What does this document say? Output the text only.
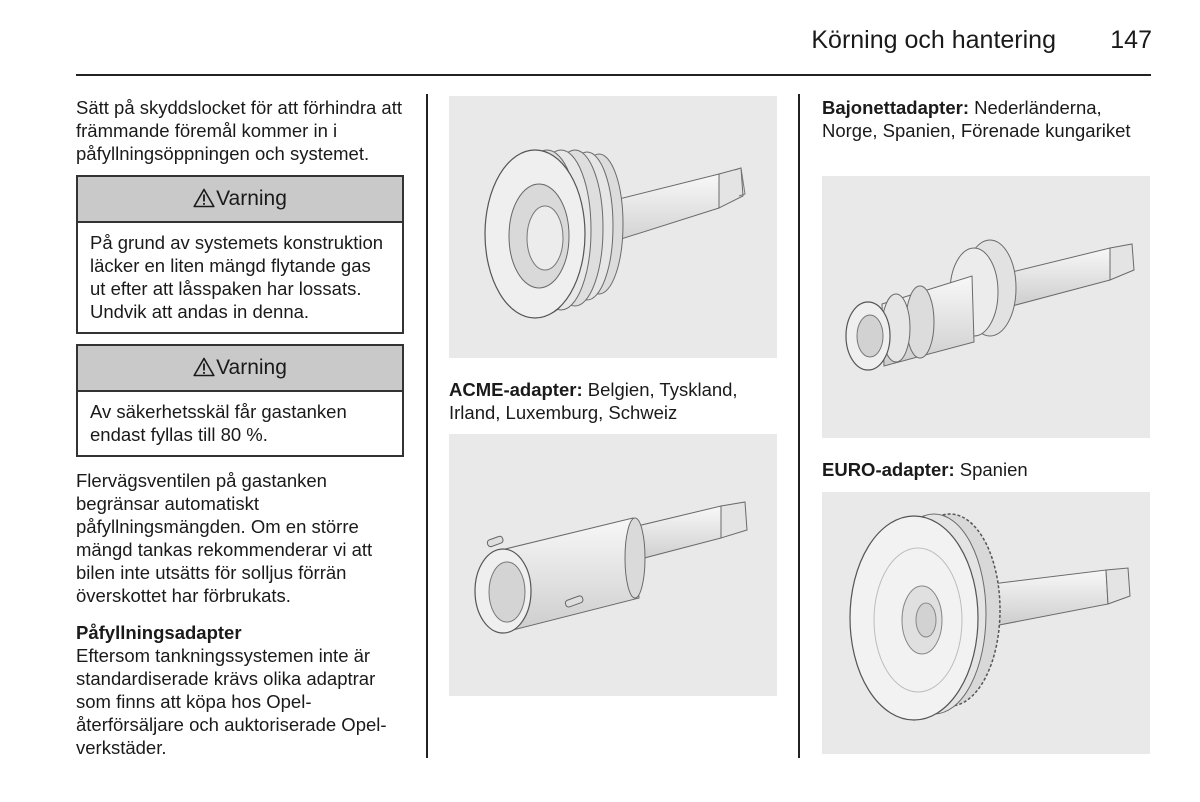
Körning och hantering	147

Sätt på skyddslocket för att förhindra att främmande föremål kommer in i påfyllningsöppningen och systemet.

Varning
På grund av systemets konstruktion läcker en liten mängd flytande gas ut efter att låsspaken har lossats. Undvik att andas in denna.
Varning
Av säkerhetsskäl får gastanken endast fyllas till 80 %.

Flervägsventilen på gastanken begränsar automatiskt påfyllningsmängden. Om en större mängd tankas rekommenderar vi att bilen inte utsätts för solljus förrän överskottet har förbrukats.

Påfyllningsadapter

Eftersom tankningssystemen inte är standardiserade krävs olika adaptrar som finns att köpa hos Opel-återförsäljare och auktoriserade Opel-verkstäder.

ACME-adapter: Belgien, Tyskland, Irland, Luxemburg, Schweiz
Bajonettadapter: Nederländerna, Norge, Spanien, Förenade kungariket
EURO-adapter: Spanien
